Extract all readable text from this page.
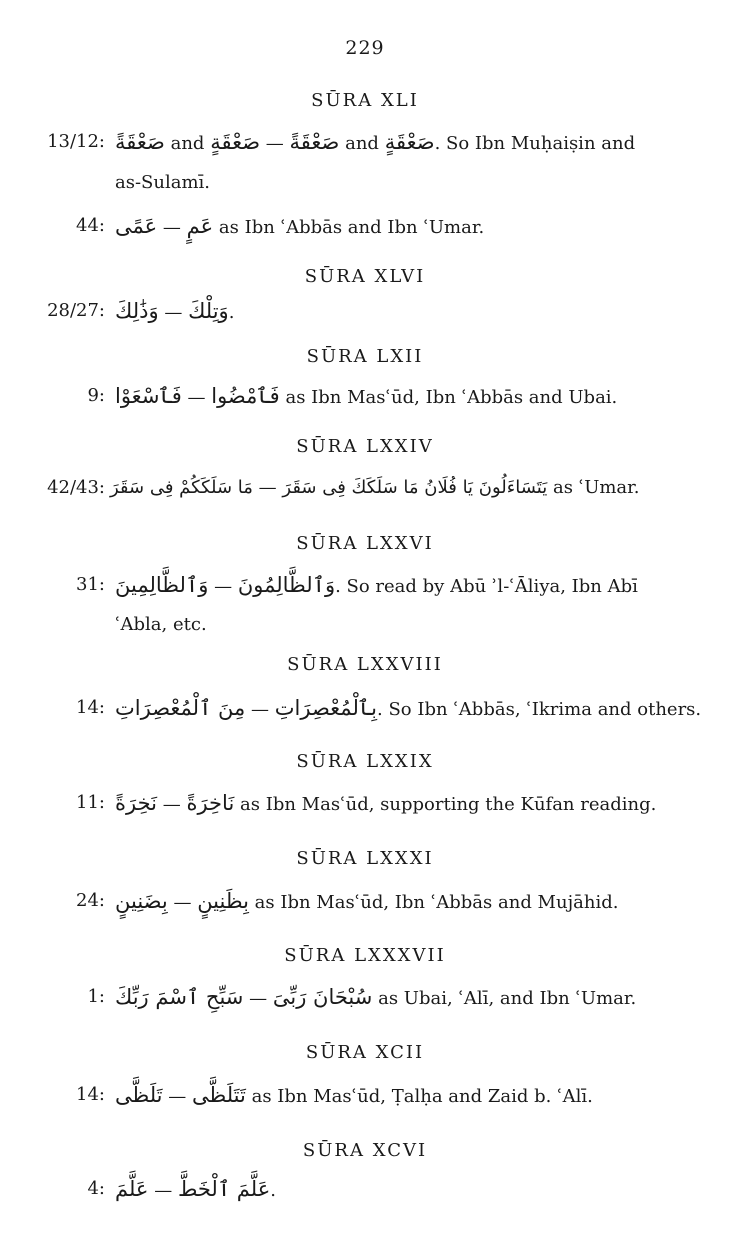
229
SŪRA XLI
13/12: صَعْقَةً and صَعْقَةٍ — صَعْقَةً and صَعْقَةٍ. So Ibn Muḥaiṣin and
as-Sulamī.
44: عَمًى — عَمٍ as Ibn ʿAbbās and Ibn ʿUmar.
SŪRA XLVI
28/27: وَذَٰلِكَ — وَتِلْكَ.
SŪRA LXII
9: فَٱسْعَوْا — فَٱمْضُوا as Ibn Masʿūd, Ibn ʿAbbās and Ubai.
SŪRA LXXIV
42/43: مَا سَلَكَكُمْ فِى سَقَرَ — يَتَسَاءَلُونَ يَا فُلَانُ مَا سَلَكَكَ فِى سَقَرَ as ʿUmar.
SŪRA LXXVI
31: وَٱلظَّالِمِينَ — وَٱلظَّالِمُونَ. So read by Abū ʾl-ʿĀliya, Ibn Abī
ʿAbla, etc.
SŪRA LXXVIII
14: مِنَ ٱلْمُعْصِرَاتِ — بِٱلْمُعْصِرَاتِ. So Ibn ʿAbbās, ʿIkrima and others.
SŪRA LXXIX
11: نَخِرَةً — نَاخِرَةً as Ibn Masʿūd, supporting the Kūfan reading.
SŪRA LXXXI
24: بِضَنِينٍ — بِظَنِينٍ as Ibn Masʿūd, Ibn ʿAbbās and Mujāhid.
SŪRA LXXXVII
1: سَبِّحِ ٱسْمَ رَبِّكَ — سُبْحَانَ رَبِّىَ as Ubai, ʿAlī, and Ibn ʿUmar.
SŪRA XCII
14: تَلَظَّى — تَتَلَظَّى as Ibn Masʿūd, Ṭalḥa and Zaid b. ʿAlī.
SŪRA XCVI
4: عَلَّمَ — عَلَّمَ ٱلْخَطَّ.
